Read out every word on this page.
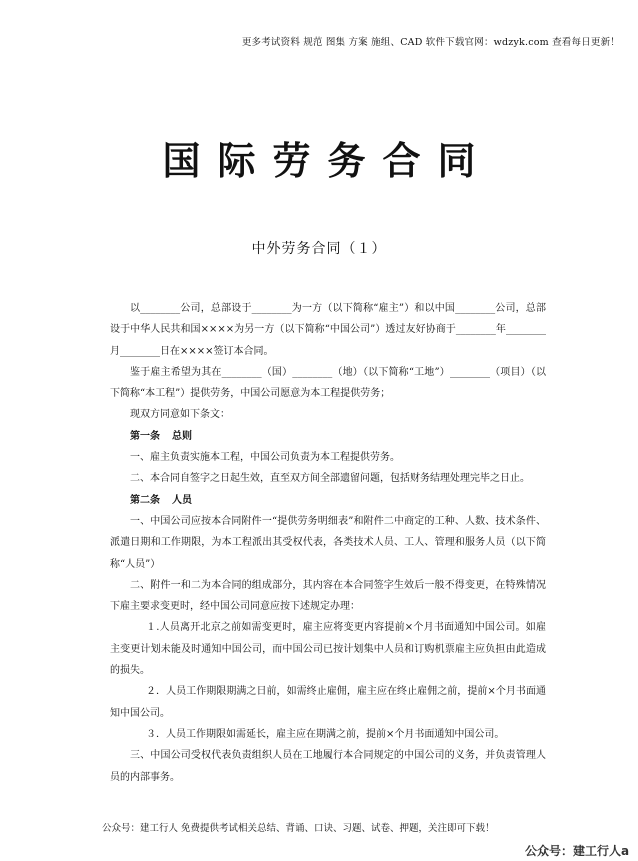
更多考试资料 规范 图集 方案 施组、CAD 软件下载官网：wdzyk.com 查看每日更新！
国际劳务合同
中外劳务合同（１）

以________公司，总部设于________为一方（以下简称“雇主”）和以中国________公司，总部设于中华人民共和国××××为另一方（以下简称“中国公司”）透过友好协商于________年________月________日在××××签订本合同。

鉴于雇主希望为其在________（国）________（地）（以下简称“工地”）________（项目）（以下简称“本工程”）提供劳务，中国公司愿意为本工程提供劳务；

现双方同意如下条文：

第一条 总则

一、雇主负责实施本工程，中国公司负责为本工程提供劳务。

二、本合同自签字之日起生效，直至双方间全部遗留问题，包括财务结理处理完毕之日止。

第二条 人员

一、中国公司应按本合同附件一“提供劳务明细表”和附件二中商定的工种、人数、技术条件、派遣日期和工作期限，为本工程派出其受权代表，各类技术人员、工人、管理和服务人员（以下简称“人员”）

二、附件一和二为本合同的组成部分，其内容在本合同签字生效后一般不得变更，在特殊情况下雇主要求变更时，经中国公司同意应按下述规定办理：

１.人员离开北京之前如需变更时，雇主应将变更内容提前×个月书面通知中国公司。如雇主变更计划未能及时通知中国公司，而中国公司已按计划集中人员和订购机票雇主应负担由此造成的损失。

２．人员工作期限期满之日前，如需终止雇佣，雇主应在终止雇佣之前，提前×个月书面通知中国公司。

３．人员工作期限如需延长，雇主应在期满之前，提前×个月书面通知中国公司。

三、中国公司受权代表负责组织人员在工地履行本合同规定的中国公司的义务，并负责管理人员的内部事务。

公众号：建工行人 免费提供考试相关总结、背诵、口诀、习题、试卷、押题，关注即可下载！
公众号：建工行人a
